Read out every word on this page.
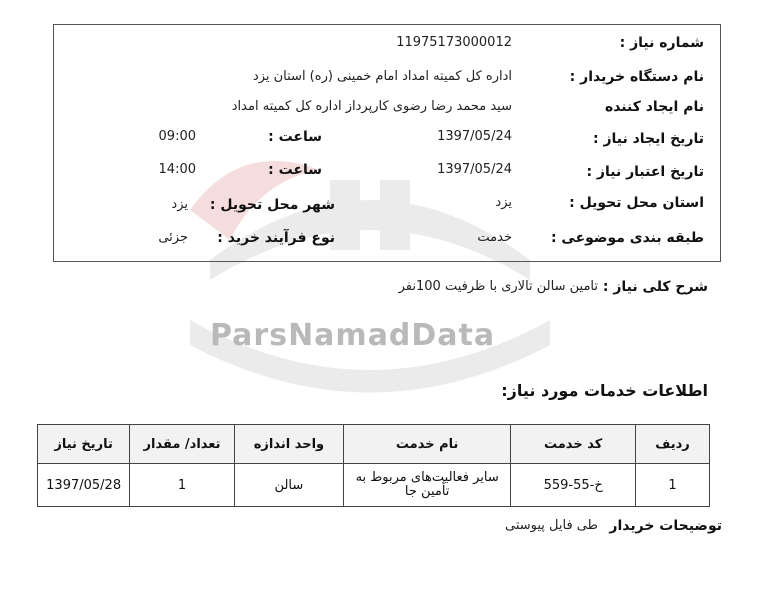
ParsNamadData
شماره نیاز :
11975173000012
نام دستگاه خریدار :
اداره کل کمیته امداد امام خمینی (ره) استان یزد
نام ایجاد کننده
سید محمد رضا رضوی کارپرداز اداره کل کمیته امداد
تاریخ ایجاد نیاز :
1397/05/24
ساعت :
09:00
تاریخ اعتبار نیاز :
1397/05/24
ساعت :
14:00
استان محل تحویل :
یزد
شهر محل تحویل :
یزد
طبقه بندی موضوعی :
خدمت
نوع فرآیند خرید :
جزئی
شرح کلی نیاز :
تامین سالن تالاری با ظرفیت 100نفر
اطلاعات خدمات مورد نیاز:
ردیف	کد خدمت	نام خدمت	واحد اندازه	تعداد/ مقدار	تاریخ نیاز
1	خ-55-559	سایر فعالیت‌های مربوط به تأمین جا	سالن	1	1397/05/28
توضیحات خریدار
طی فایل پیوستی
